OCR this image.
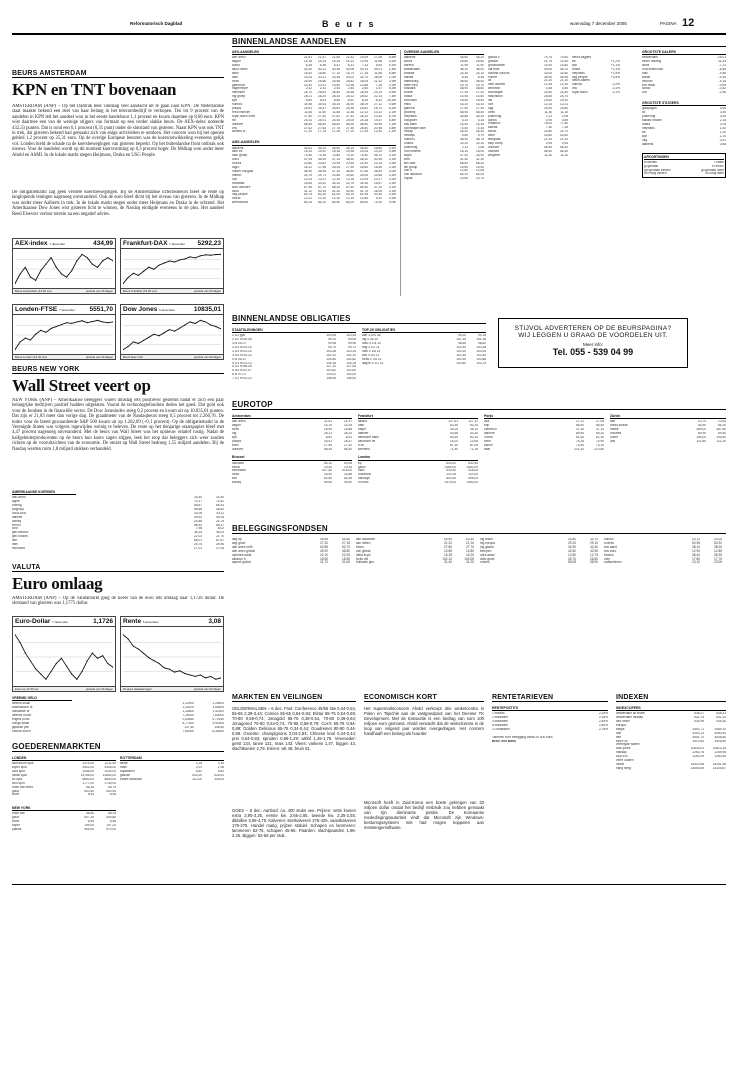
Reformatorisch Dagblad	B e u r s	woensdag 7 december 2005	PAGINA 12
BEURS AMSTERDAM
KPN en TNT bovenaan
AMSTERDAM (ANP) – Op het Damrak leek vandaag veel aandacht uit te gaan naar KPN. De Nederlandse staat maakte bekend een deel van haar belang in het telecombedrijf te verkopen. Ten tot 9 procent van de aandelen in KPN telt het aandeel won in het eerste handelsuur 1,1 procent en kwam daarmee op 8,60 euro. KPN wist daarmee een van de weinige stijgers van formaat op een verder slakke beurs. De AEX-index noteerde 432,33 punten. Dat is rond een 0,1 procent (0,31 punt) onder de slotstand van gisteren. Naast KPN was ook TNT in trek, dat gisteren bekend had gemaakt zich van enige activiteiten te ontdoen. Het concern won bij het openen gebied 1,2 procent op 25,31 euro. Op de overige Europese beurzen was de koersontwikkeling eveneens gelijk vol. Londen hield de schade na de koersbewegingen van gisteren beperkt. Op het buitenlandse front ontbrak ook nieuws. Voor de handelen wordt op dit moment koersvorming op 0,3 procent hoger. De Midkap won onder meer Ahold en ASMI. In de lokale markt stegen Heijmans, Draka en USG People.
De obligatiemarkt zag geen verdere koersbewegingen. Bij de Amsterdamse Effectenbeurs bleef de rente op langlopende leningen nagenoeg onveranderd. Ook de euro bleef dicht bij het niveau van gisteren. In de Midkap was onder meer Aalberts in trek. In de lokale markt stegen onder meer Heijmans en Draka in de ochtend. Het Amerikaanse Dow Jones wist gisteren licht te winnen, de Nasdaq eindigde eveneens in de plus. Het aandeel Reed Elsevier verloor terrein na een negatief advies.
AEX-index 7 december	434,99
Beurs Amsterdam (13.30 uur)	periode van 20 dagen
Frankfurt-DAX 7 december 5292,23
Beurs Frankfurt (13.30 uur)	periode van 20 dagen
Londen-FTSE 7 december 5551,70
Beurs Londen (13.30 uur)	periode van 20 dagen
Dow Jones 6 december	10835,01
Beurs New York	periode van 20 dagen
BEURS NEW YORK
Wall Street veert op
NEW YORK (ANP) – Amerikaanse beleggers waren dinsdag iets positiever gestemd nadat er zich een paar belangrijke bedrijven positief hadden uitgelaten. Vooral de technologiefondsen deden het goed. Dat gold ook voor de fondsen in de financiële sector. De Dow Jonesindex steeg 0,2 procent en kwam uit op 10.835,01 punten. Dat zijn er 21,83 meer dan vorige dag. De graadmeter van de Nasdaqbeurs steeg 0,5 procent tot 2.260,76. De index voor de breed gewaardeerde S&P 500 kwam uit op 1.262,09 (+0,1 procent). Op de obligatiemarkt in de Verenigde Staten was volgens ingewijden weinig te beleven. De rente op het tienjarige staatspapier bleef met 4,47 procent nagenoeg onveranderd. Met de beurs van Wall Street was het opnieuw relatief rustig. Nadat de halfgeleiderproducenten op de beurs hun koers zagen stijgen, leek het erop dat beleggers zich weer zouden richten op de vooruitzichten van de economie. De omzet op Wall Street bedroeg 1,55 miljard aandelen. Bij de Nasdaq werden ruim 1,8 miljard stukken verhandeld.
AMERIKAANSE KOERSEN
abn-amro	24,50	24,40
apple	74,17	74,42
boeing	68,87	68,43
citigroup	48,88	48,80
coca-cola	43,08	43,11
daimler	49,92	49,25
disney	24,86	24,76
exxon	58,52	58,37
ford	7,98	8,02
gen.electric	36,24	36,03
gen.motors	22,02	21,70
ibm	88,01	87,67
intel	26,75	26,96
microsoft	27,01	27,05
VALUTA
Euro omlaag
AMSTERDAM (ANP) – Op de valutamarkt ging de koers van de euro iets omlaag naar 1,1726 dollar. De slotstand van gisteren was 1,1775 dollar.
Euro-Dollar 7 december	1,1726
koers op 13.30 uur	periode van 20 dagen
Rente 6 december	3,08
10-jaars staatsleningen	periode van 20 dagen
VREEMD GELD
amerik.dollar	1,12900	1,25400
australische dl	1,44100	1,65500
canadese dl	1,32800	1,42300
deense kroon	7,26000	7,64000
engels pond	0,64650	0,70150
hongk.dollar	8,77500	9,91500
japanse yen	137,50	148,50
noorse kroon	7,60000	8,18000
GOEDERENMARKTEN
LONDEN
aluminium spot	2219,00	2211,50
koper spot	4402,00	4345,00
lood spot	1065,00	1034,00
nikkel spot	13755,00	13650,00
tin spot	6650,00	6650,00
zink spot	1777,00	1740,00
ruwe olie brent	56,35	56,75
goud	503,40	500,95
zilver	8,53	8,48
NEW YORK
ruwe olie	58,80	58,25
goud	507,30	505,80
zilver	8,69	8,56
koper	199,00	197,20
platina	965,00	970,00
ROTTERDAM
tarwe	3,18	3,15
mais	2,01	1,98
sojabonen	5,82	5,80
gasolie	533,00	528,00
zware stookolie	312,00	308,00
BINNENLANDSE AANDELEN
AEX-AANDELEN
abn amro	21,61	21,57	21,65	21,52	19,09	17,08	8,6m
aegon	14,19	14,25	14,25	14,12	12,94	11,86	4,2m
ahold	6,35	6,36	6,41	6,31	7,33	5,54	9,1m
akzo nobel	40,30	40,22	40,45	40,06	40,13	34,01	1,4m
asml	16,92	16,80	17,10	16,74	17,15	11,85	6,5m
dsm	33,24	33,11	33,35	33,02	33,70	28,06	1,0m
fortis	25,90	25,86	25,98	25,82	26,04	21,32	3,9m
getronics	10,44	10,41	10,50	10,38	10,88	7,29	2,2m
hagemeyer	2,42	2,41	2,44	2,40	2,60	1,57	5,3m
heineken	26,70	26,63	26,84	26,58	26,95	23,19	0,9m
ing groep	28,21	28,20	28,30	28,12	28,62	22,14	7,4m
kpn	8,60	8,51	8,65	8,52	8,35	6,42	28,1m
numico	34,98	35,04	35,15	34,90	36,09	27,12	0,6m
philips	25,51	25,47	25,63	25,38	25,82	18,79	8,2m
reed elsevier	11,64	11,60	11,68	11,58	12,13	10,22	2,1m
royal dutch shell	27,50	27,52	27,62	27,42	28,10	23,44	6,7m
tnt	25,31	25,01	25,40	25,05	25,18	19,57	5,4m
unilever	58,45	58,40	58,60	58,30	58,80	49,58	1,3m
vnu	27,62	27,64	27,78	27,55	28,50	20,98	0,8m
wolters kl	17,20	17,14	17,28	17,10	17,49	12,40	1,1m
AMX-AANDELEN
aalberts	45,51	45,20	45,60	45,10	46,80	28,80	0,1m
asm int	15,10	14,92	15,18	14,96	15,26	10,20	0,5m
bam groep	74,50	74,35	74,80	74,20	75,40	48,70	0,1m
corio	47,05	46,95	47,15	46,90	48,20	40,95	0,1m
crucell	20,80	20,62	20,95	20,55	21,60	10,15	0,3m
fugro	28,12	27,98	28,25	27,90	28,60	16,65	0,2m
hunter douglas	46,90	46,95	47,10	46,80	47,65	36,50	0,0m
imtech	24,75	24,71	24,85	24,60	25,05	14,68	0,1m
oce	12,24	12,21	12,30	12,18	13,04	10,27	0,2m
randstad	33,84	33,92	34,10	33,75	34,35	25,87	0,3m
sbm offshore	67,95	67,70	68,20	67,50	69,40	47,10	0,1m
stork	41,12	40,94	41,30	40,90	41,75	25,05	0,1m
usg people	60,75	60,20	61,00	60,10	61,95	30,30	0,1m
vedior	12,22	12,20	12,30	12,15	12,84	9,92	0,3m
wereldhave	84,25	84,20	84,50	84,00	85,60	74,40	0,0m
OVERIGE AANDELEN
aalberts	45,60	45,20
accell	26,80	26,60
ahrend	11,95	11,90
amsterdam	48,10	48,00
arcadis	24,30	24,10
ballast	8,40	8,35
batenburg	36,50	36,40
beter bed	19,75	19,70
boskalis	48,90	48,60
brunel	17,35	17,20
draka	14,90	14,60
econosto	18,50	18,40
eriks	43,20	43,10
gamma	17,40	17,30
grontmij	58,90	58,50
heijmans	36,85	36,30
hoogvliet	5,20	5,18
kas bank	14,40	14,35
koninklijke bam	74,50	74,35
nedap	45,00	44,90
neways	5,80	5,79
nutreco	38,90	38,75
ordina	14,20	14,10
pharming	2,11	2,08
roto smeets	18,10	18,00
sligro	27,00	26,90
smit	31,40	31,30
ten cate	68,50	68,20
tkh group	16,60	16,50
unit 4	12,60	12,55
van lanschot	64,20	64,00
vopak	23,80	23,70
gouda v.	79,75	79,50
grolsch	21,75	21,60
groothandel	14,90	14,80
hal trust	49,00	48,70
holland colours	33,00	32,80
hunter	46,90	46,95
ict	21,20	21,10
inter access	12,35	12,30
kendrion	0,55	0,55
koninklijke	24,60	24,40
macintosh	25,85	25,70
nsi	29,60	29,30
oce	12,24	12,21
opg	29,90	29,80
ortec	11,30	11,20
pharming	2,11	2,08
qurius	0,90	0,89
rodamco	78,00	77,80
samas	7,40	7,35
simac	14,80	14,70
stern	43,80	43,60
telegraaf	21,20	21,10
tulip comp	0,95	0,94
unilever	58,45	58,40
vastned	56,50	56,30
wegener	11,30	11,20
beurs-stijgers
tnt	+1,2%
kpn	+1,1%
draka	+2,1%
heijmans	+1,5%
usg people	+0,9%
beurs-dalers
numico	-0,2%
vnu	-0,1%
royal dutch	-0,1%
GROOTSTE DALERS
amsterdam	-15,01
bever holding	-11,43
isotis	-7,21
rood testhouse	-6,55
ctac	-4,56
kiadis	-4,44
nedcon	-4,16
sns reaal	-3,99
simac	-3,42
cnc	-2,96
GROOTSTE STIJGERS
galapagos	9,96
ict	3,40
pharming	3,05
ballast nedam	2,35
draka	2,05
heijmans	1,52
tnt	1,20
kpn	1,10
usg	0,91
aalberts	0,68
AFKORTINGEN
b=bieden	l=laten
g=gedaan	e=exdiv.
gb=gedaan bieden	gl=gedaan laten
vb=vorig bieden	vl=vorig laten
STIJVOL ADVERTEREN OP DE BEURSPAGINA?
WIJ LEGGEN U GRAAG DE VOORDELEN UIT.
Meer info:
Tel. 055 - 539 04 99
BINNENLANDSE OBLIGATIES
STAATSLENINGEN
2 1/2 gpk	100,95	100,94
2 1/2 nl 06-08	99,10	99,08
3 nl 04-07	99,98	99,96
3 1/4 nl 05-15	99,70	99,72
3 3/4 nl 04-14	103,28	103,25
3 3/4 nl 05-23	102,12	102,10
4 nl 05-37	104,80	104,82
4 1/4 nl 03-13	105,18	105,15
5 1/2 nl 98-28	127,10	127,05
5 3/4 nl 02-07	102,82	102,80
6 nl 97-07	103,02	103,00
7 1/2 nl 93-23	146,95	146,90
TOP-25 OBLIGATIES
abn 3,5 nl 08	99,20	99,18
ing 4 05-15	101,30	101,28
rabo 3 1/4 10	98,85	98,82
bng 3 1/2 11	100,40	100,38
nwb 4 1/8 14	103,10	103,05
sns 4 1/4 12	102,45	102,40
fortis 3 7/8 13	100,90	100,88
aegon 4 1/2 15	103,80	103,75
EUROTOP
Amsterdam
abn amro	21,61	21,57
aegon	14,19	14,25
fortis	25,90	25,86
ing	28,21	28,20
kpn	8,60	8,51
philips	25,51	25,47
shell	27,50	27,52
unilever	58,45	58,40
Brussel
delhaize	54,10	53,95
dexia	19,40	19,35
electrabel	417,50	416,00
fortis	25,90	25,86
kbc	82,80	82,55
solvay	95,80	95,50
Frankfurt
allianz	127,61	127,12
basf	63,39	63,10
bayer	35,25	35,10
daimler	43,66	43,30
deutsche bank	83,50	83,10
deutsche tel.	14,02	13,95
e.on	87,30	87,05
siemens	71,40	71,15
Londen
bp	633,00	630,50
glaxo	1465,00	1460,00
hsbc	930,50	928,00
vodafone	120,25	120,00
barclays	600,50	598,00
rio tinto	2475,00	2460,00
Parijs
axa	27,12	27,05
bnp	66,90	66,55
carrefour	37,30	37,10
danone	89,50	89,20
l'oreal	61,60	61,30
lvmh	75,25	74,90
sanofi	73,40	73,10
total	214,10	213,50
Zürich
abb	10,70	10,60
credit suisse	64,60	64,20
nestle	389,00	387,50
novartis	69,90	69,50
roche	196,00	194,80
ubs	121,80	121,20
BELEGGINGSFONDSEN
aeg dp	44,85	44,80
aeg groei	27,20	27,15
abn amro neth	62,85	62,70
abn amro global	45,92	45,80
achmea aand	22,10	22,05
alliance b	18,60	18,55
aspect global	31,70	31,60
asn aandelen	63,54	63,40
asn milieu	21,22	21,20
bever	27,80	27,70
cdc global	14,85	14,80
delta lloyd	16,28	16,20
fortis obl	104,10	104,05
hollands glor	31,40	31,25
ing dutch	33,80	33,70
ing europa	29,20	29,10
ing global	34,50	34,40
kempen	42,60	42,50
ohra aand	12,80	12,75
rabo groei	26,70	26,60
robeco	59,08	58,90
rolinco	20,12	20,05
rorento	53,95	53,92
sns aand	38,10	38,00
sns euro	12,90	12,85
triodos	38,40	38,35
vdm	17,80	17,75
zwitserleven	23,10	23,05
MARKTEN EN VEILINGEN
GELDERMALSEN – 6 dec. Fruit: Conference 45/55 stw 0,44-0,54, 55-65 2,39-3,44; Comice 55-65 0,64-0,84; Elstar 65-75 0,54-0,69, 70-80 0,58-0,74; Jonagold 65-75 0,38-0,54, 70-80 0,49-0,64; Jonagored 70-80 0,54-0,74, 75-85 0,59-0,79; Cox's 65-75 0,64-0,89; Golden Delicious 65-75 0,34-0,44; Goudreinet 80-90 0,44-0,59. Groente: champignons 2,04-2,84; Chinese kool 0,34-0,44; prei 0,54-0,84; spruiten 0,89-1,29; witlof 1,49-1,79. Veevoeder: gerst 134, tarwe 121, mais 143. Vlees: varkens 1,47, biggen 43, slachtkoeien 2,79. Eieren: wit 48, bruin 51.
GOES – 6 dec. Aanbod: ca. 400 stuks vee. Prijzen: vette koeien extra 2,95-3,25, eerste kw. 2,65-2,85, tweede kw. 2,35-2,55; dikbillen 3,95-4,75. Kalveren: stierkalveren 275-425, vaarskalveren 175-275. Handel matig, prijzen stabiel. Schapen en lammeren: lammeren 62-75, schapen 45-65. Paarden: slachtpaarden 1,95-2,25. Biggen: 52-58 per stuk.
ECONOMISCH KORT
Het supermarktconcern Ahold verkoopt drie winkelcentra in Polen en Tsjechië aan de vastgoedpoot van het Deense TK Development. Met de transactie is een bedrag van ruim 100 miljoen euro gemoeid. Ahold verwacht dat de winkelcentra in de loop van volgend jaar worden overgedragen. Het concern handhaaft een belang als huurder.
Microsoft heeft in Zuid-Korea een boete gekregen van 33 miljoen dollar omdat het bedrijf misbruik zou hebben gemaakt van zijn dominante positie. De Koreaanse mededingingsautoriteit vindt dat Microsoft zijn Windows-besturingssysteem niet had mogen koppelen aan messengersoftware.
RENTETARIEVEN
RENTEPOSTS'S
1 maand	2,25%
2 maanden	2,35%
3 maanden	2,45%
6 maanden	2,60%
12 maanden	2,78%
Tarieven voor belegging vanaf 25.000 euro.
Bron: ING Bank
INDEXEN
INDEXCIJFERS
amsterdam all share	638,27	638,41
amsterdam midkap	642,75	641,20
aex-index	434,99	435,30
europa
belgie	3492,71	3489,10
dax	5292,23	5280,90
ftse	5551,70	5538,80
stoxx 50	3410,60	3405,80
verenigde staten
dow jones	10835,01	10813,18
nasdaq	2260,76	2249,96
s&p 500	1262,09	1260,95
verre oosten
nikkei	15423,98	15251,98
hang seng	15050,65	15105,87
